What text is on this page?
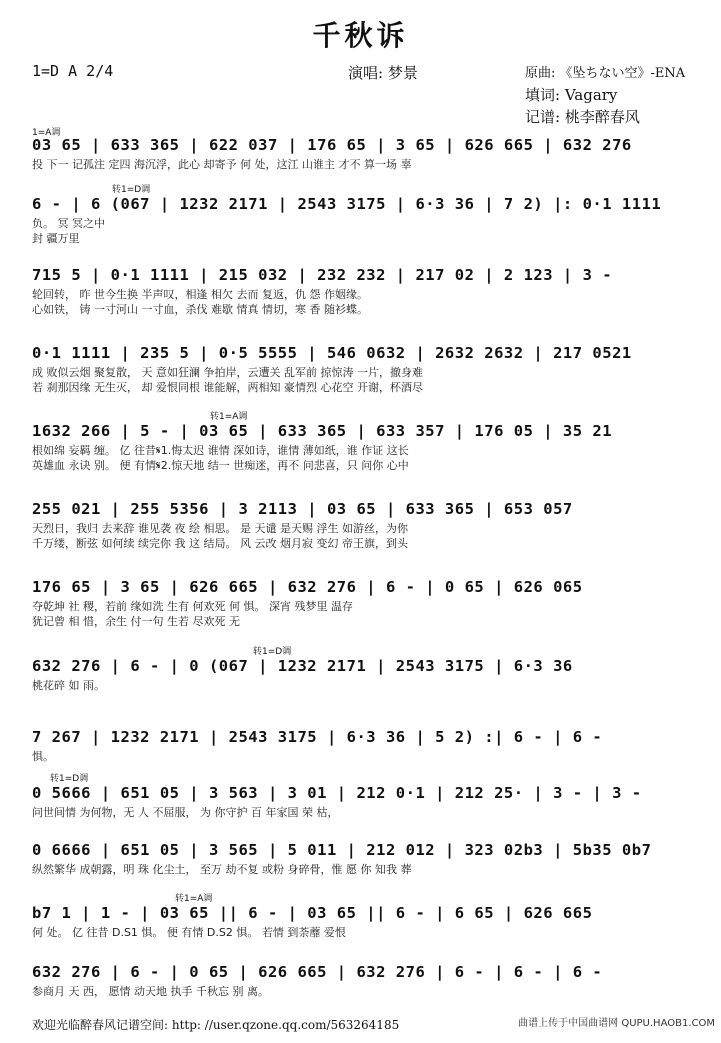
千秋诉
1=D A 2/4	演唱: 梦景	原曲: 《坠ちない空》-ENA
填词: Vagary
记谱: 桃李醉春风
1=A调
03 65 | 633 365 | 622 037 | 176 65 | 3 65 | 626 665 | 632 276
投 下一 记孤注 定四 海沉浮，此心 却寄予 何 处，这江 山谁主 才不 算一场 辜
转1=D调
6 - | 6 (067 | 1232 2171 | 2543 3175 | 6·3 36 | 7 2) |: 0·1 1111
负。 冥 冥之中
封 疆万里
715 5 | 0·1 1111 | 215 032 | 232 232 | 217 02 | 2 123 | 3 -
轮回转， 昨 世今生换 半声叹，相逢 相欠 去而 复返，仇 怨 作姻缘。
心如铁， 铸 一寸河山 一寸血，杀伐 难歇 情真 情切，寒 香 随衫蝶。
0·1 1111 | 235 5 | 0·5 5555 | 546 0632 | 2632 2632 | 217 0521
成 败似云烟 聚复散， 天 意如狂澜 争拍岸，云遭关 乱军前 掠惊涛 一片，撤身难
若 刹那因缘 无生灭， 却 爱恨同根 谁能解，两相知 豪情烈 心花空 开谢，杯酒尽
转1=A调
1632 266 | 5 - | 03 65 | 633 365 | 633 357 | 176 05 | 35 21
根如绵 妄羁 缠。 亿 往昔𝄋1.悔太迟 谁情 深如诗，谁情 薄如纸，谁 作证 这长
英雄血 永诀 别。 便 有情𝄋2.惊天地 结一 世痴迷，再不 问悲喜，只 问你 心中
255 021 | 255 5356 | 3 2113 | 03 65 | 633 365 | 653 057
天烈日，我归 去来辞 谁见袭 夜 绘 相思。 是 天谴 是天赐 浮生 如游丝，为你
千万缕，断弦 如何续 续完你 我 这 结局。 风 云改 烟月寂 变幻 帝王旗，到头
176 65 | 3 65 | 626 665 | 632 276 | 6 - | 0 65 | 626 065
夺乾坤 社 稷，若前 缘如洗 生有 何欢死 何 惧。 深宵 残梦里 温存
犹记曾 相 惜，余生 付一句 生若 尽欢死 无
转1=D调
632 276 | 6 - | 0 (067 | 1232 2171 | 2543 3175 | 6·3 36
桃花碎 如 雨。
7 267 | 1232 2171 | 2543 3175 | 6·3 36 | 5 2) :| 6 - | 6 -
惧。
转1=D调
0 5666 | 651 05 | 3 563 | 3 01 | 212 0·1 | 212 25· | 3 - | 3 -
问世间情 为何物，无 人 不屈服， 为 你守护 百 年家国 荣 枯，
0 6666 | 651 05 | 3 565 | 5 011 | 212 012 | 323 02b3 | 5b35 0b7
纵然繁华 成朝露，明 珠 化尘土， 至万 劫不复 或粉 身碎骨，惟 愿 你 知我 葬
转1=A调
b7 1 | 1 - | 03 65 || 6 - | 03 65 || 6 - | 6 65 | 626 665
何 处。 亿 往昔 D.S1 惧。 便 有情 D.S2 惧。 若情 到荼蘼 爱恨
632 276 | 6 - | 0 65 | 626 665 | 632 276 | 6 - | 6 - | 6 -
参商月 天 西， 愿情 动天地 执手 千秋忘 别 离。
欢迎光临醉春风记谱空间: http: //user.qzone.qq.com/563264185	曲谱上传于中国曲谱网 QUPU.HAOB1.COM
